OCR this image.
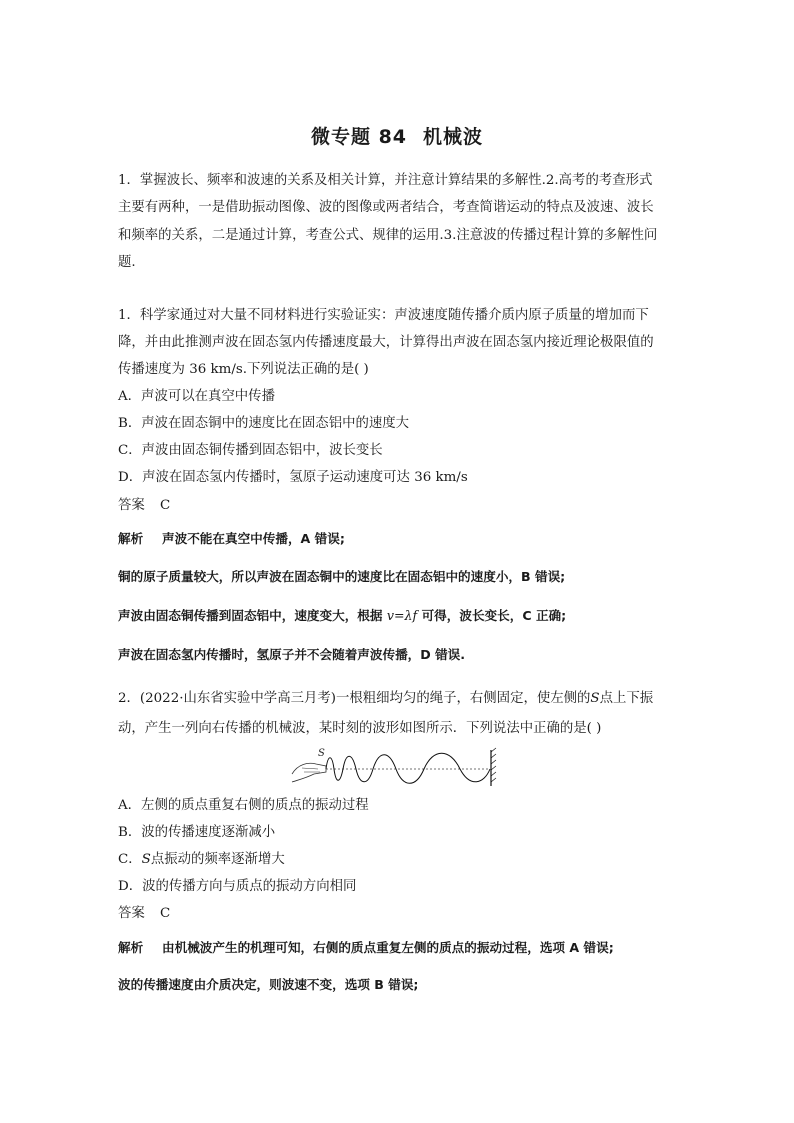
微专题 84 机械波
1．掌握波长、频率和波速的关系及相关计算，并注意计算结果的多解性.2.高考的考查形式
主要有两种，一是借助振动图像、波的图像或两者结合，考查简谐运动的特点及波速、波长
和频率的关系，二是通过计算，考查公式、规律的运用.3.注意波的传播过程计算的多解性问
题.
1．科学家通过对大量不同材料进行实验证实：声波速度随传播介质内原子质量的增加而下
降，并由此推测声波在固态氢内传播速度最大，计算得出声波在固态氢内接近理论极限值的
传播速度为 36 km/s.下列说法正确的是( )
A．声波可以在真空中传播
B．声波在固态铜中的速度比在固态铝中的速度大
C．声波由固态铜传播到固态铝中，波长变长
D．声波在固态氢内传播时，氢原子运动速度可达 36 km/s
答案 C
解析 声波不能在真空中传播，A 错误;
铜的原子质量较大，所以声波在固态铜中的速度比在固态铝中的速度小，B 错误;
声波由固态铜传播到固态铝中，速度变大，根据 v=λf 可得，波长变长，C 正确;
声波在固态氢内传播时，氢原子并不会随着声波传播，D 错误.
2．(2022·山东省实验中学高三月考)一根粗细均匀的绳子，右侧固定，使左侧的S点上下振
动，产生一列向右传播的机械波，某时刻的波形如图所示．下列说法中正确的是( )
S
A．左侧的质点重复右侧的质点的振动过程
B．波的传播速度逐渐减小
C．S点振动的频率逐渐增大
D．波的传播方向与质点的振动方向相同
答案 C
解析 由机械波产生的机理可知，右侧的质点重复左侧的质点的振动过程，选项 A 错误;
波的传播速度由介质决定，则波速不变，选项 B 错误;
